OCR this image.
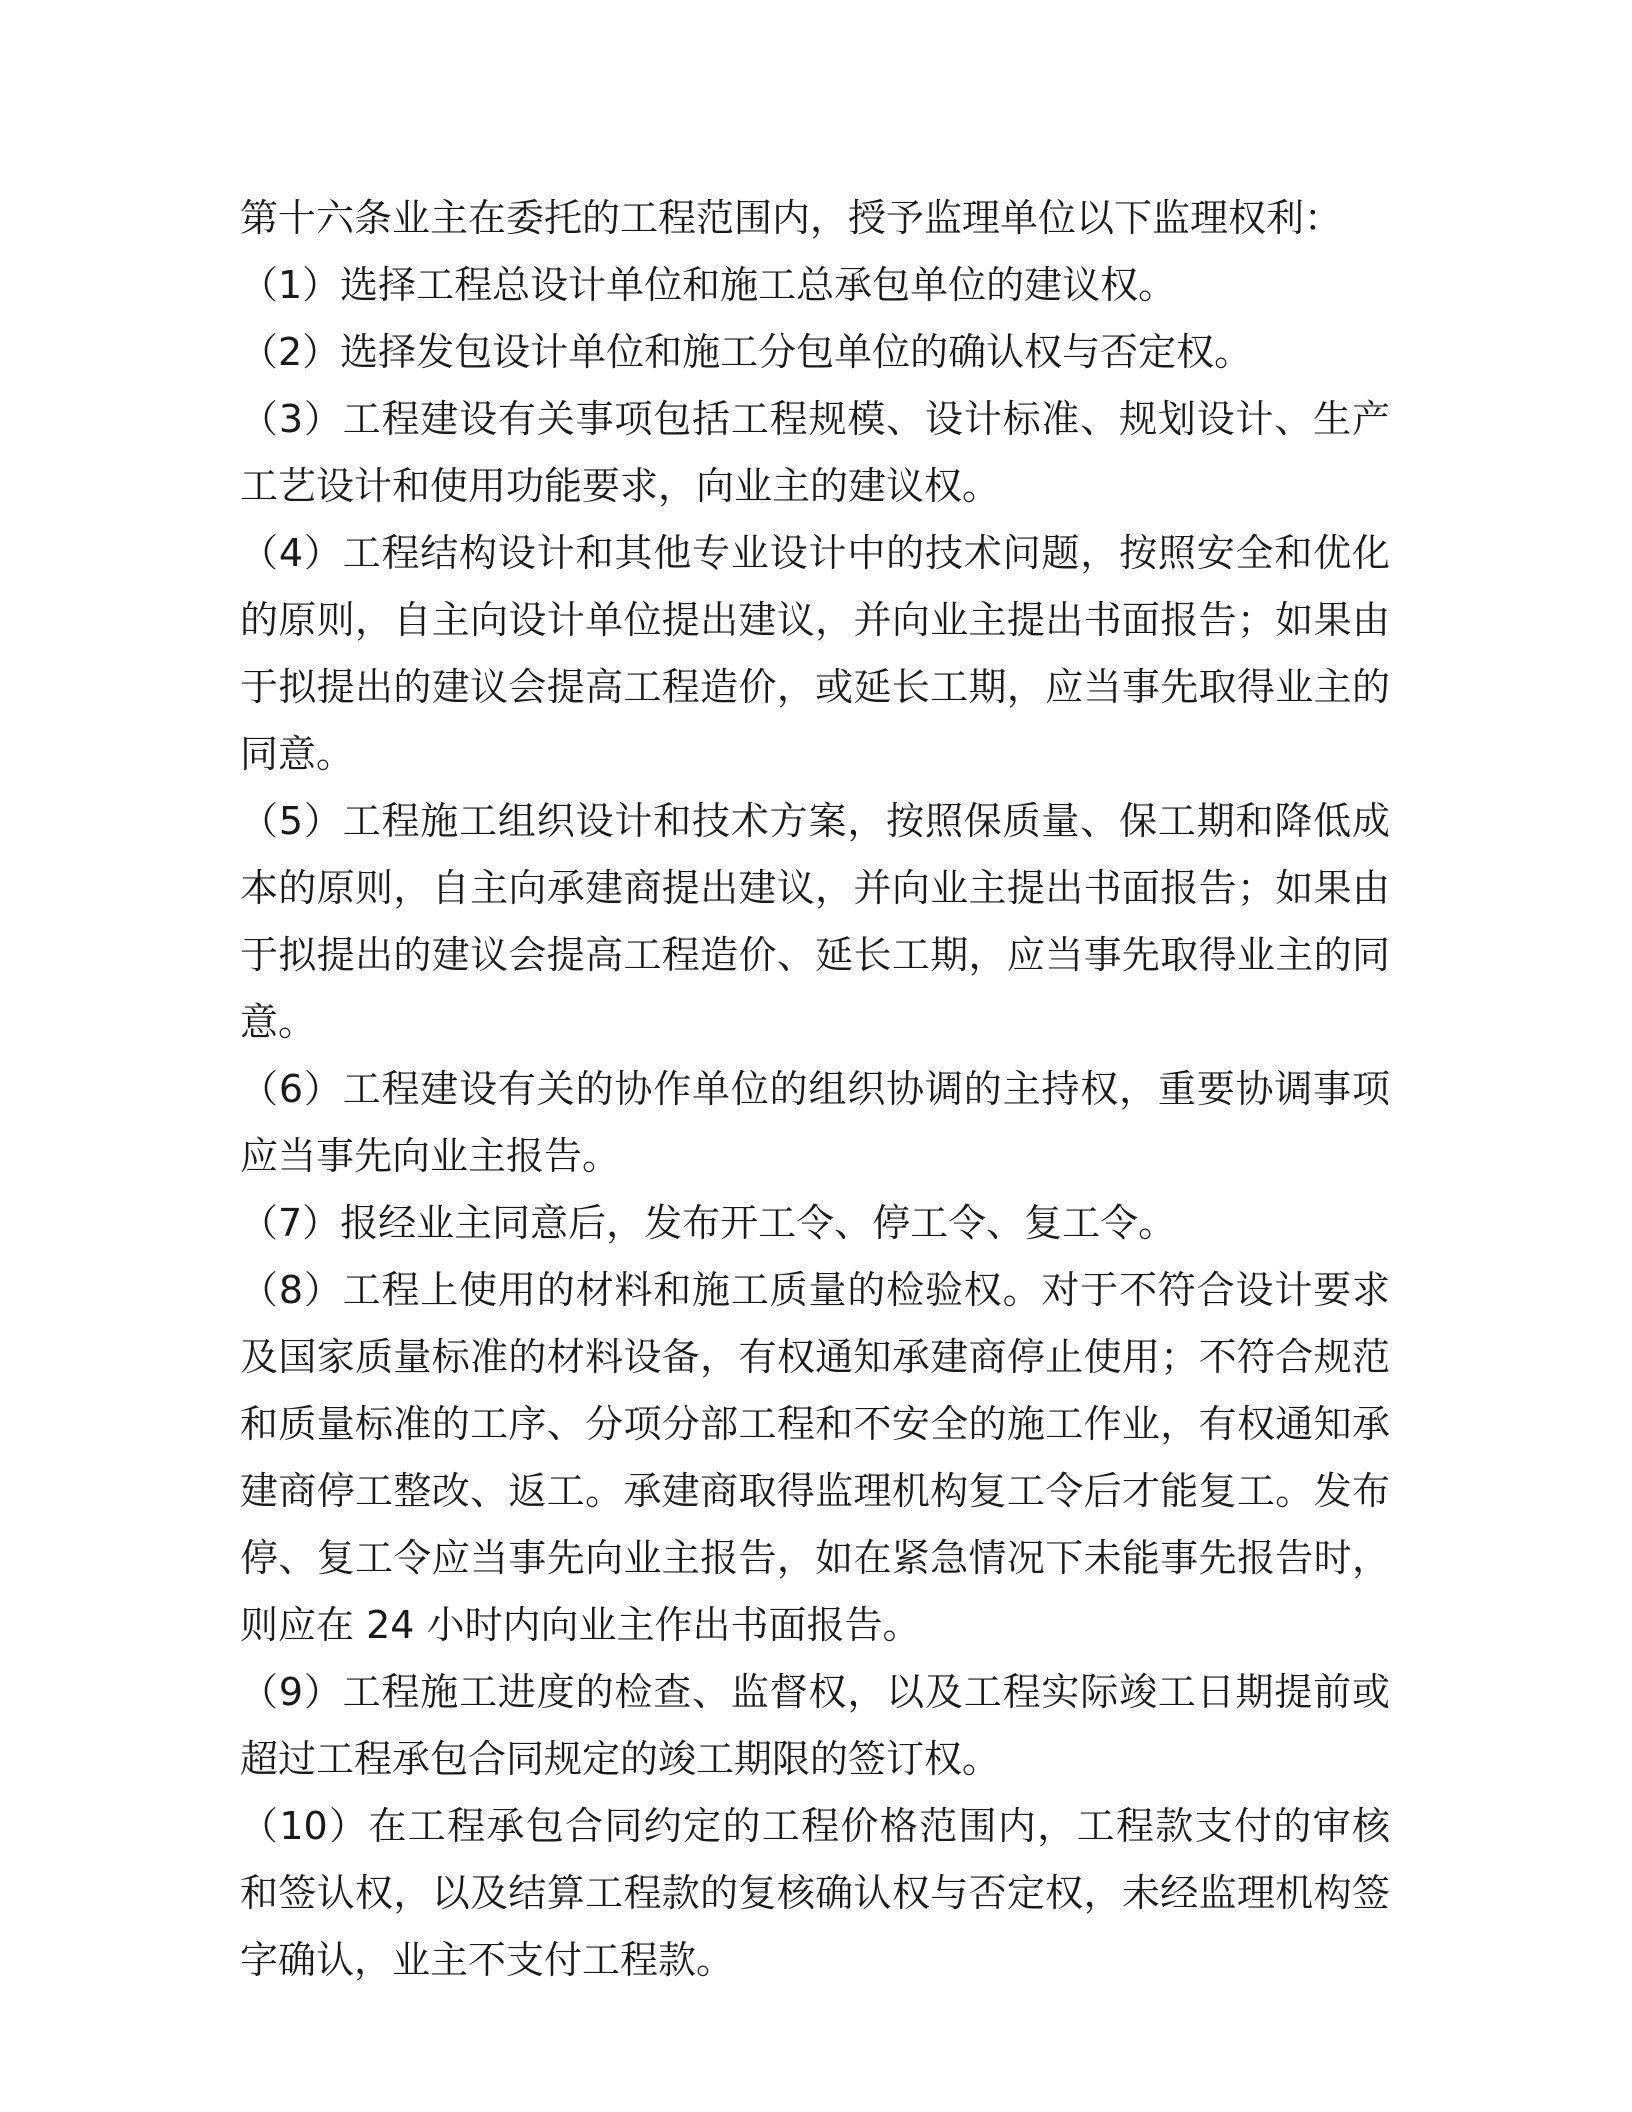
第十六条业主在委托的工程范围内，授予监理单位以下监理权利：

（1）选择工程总设计单位和施工总承包单位的建议权。

（2）选择发包设计单位和施工分包单位的确认权与否定权。

（3）工程建设有关事项包括工程规模、设计标准、规划设计、生产工艺设计和使用功能要求，向业主的建议权。

（4）工程结构设计和其他专业设计中的技术问题，按照安全和优化的原则，自主向设计单位提出建议，并向业主提出书面报告；如果由于拟提出的建议会提高工程造价，或延长工期，应当事先取得业主的同意。

（5）工程施工组织设计和技术方案，按照保质量、保工期和降低成本的原则，自主向承建商提出建议，并向业主提出书面报告；如果由于拟提出的建议会提高工程造价、延长工期，应当事先取得业主的同意。

（6）工程建设有关的协作单位的组织协调的主持权，重要协调事项应当事先向业主报告。

（7）报经业主同意后，发布开工令、停工令、复工令。

（8）工程上使用的材料和施工质量的检验权。对于不符合设计要求及国家质量标准的材料设备，有权通知承建商停止使用；不符合规范和质量标准的工序、分项分部工程和不安全的施工作业，有权通知承建商停工整改、返工。承建商取得监理机构复工令后才能复工。发布停、复工令应当事先向业主报告，如在紧急情况下未能事先报告时，则应在 24 小时内向业主作出书面报告。

（9）工程施工进度的检查、监督权，以及工程实际竣工日期提前或超过工程承包合同规定的竣工期限的签订权。

（10）在工程承包合同约定的工程价格范围内，工程款支付的审核和签认权，以及结算工程款的复核确认权与否定权，未经监理机构签字确认，业主不支付工程款。
